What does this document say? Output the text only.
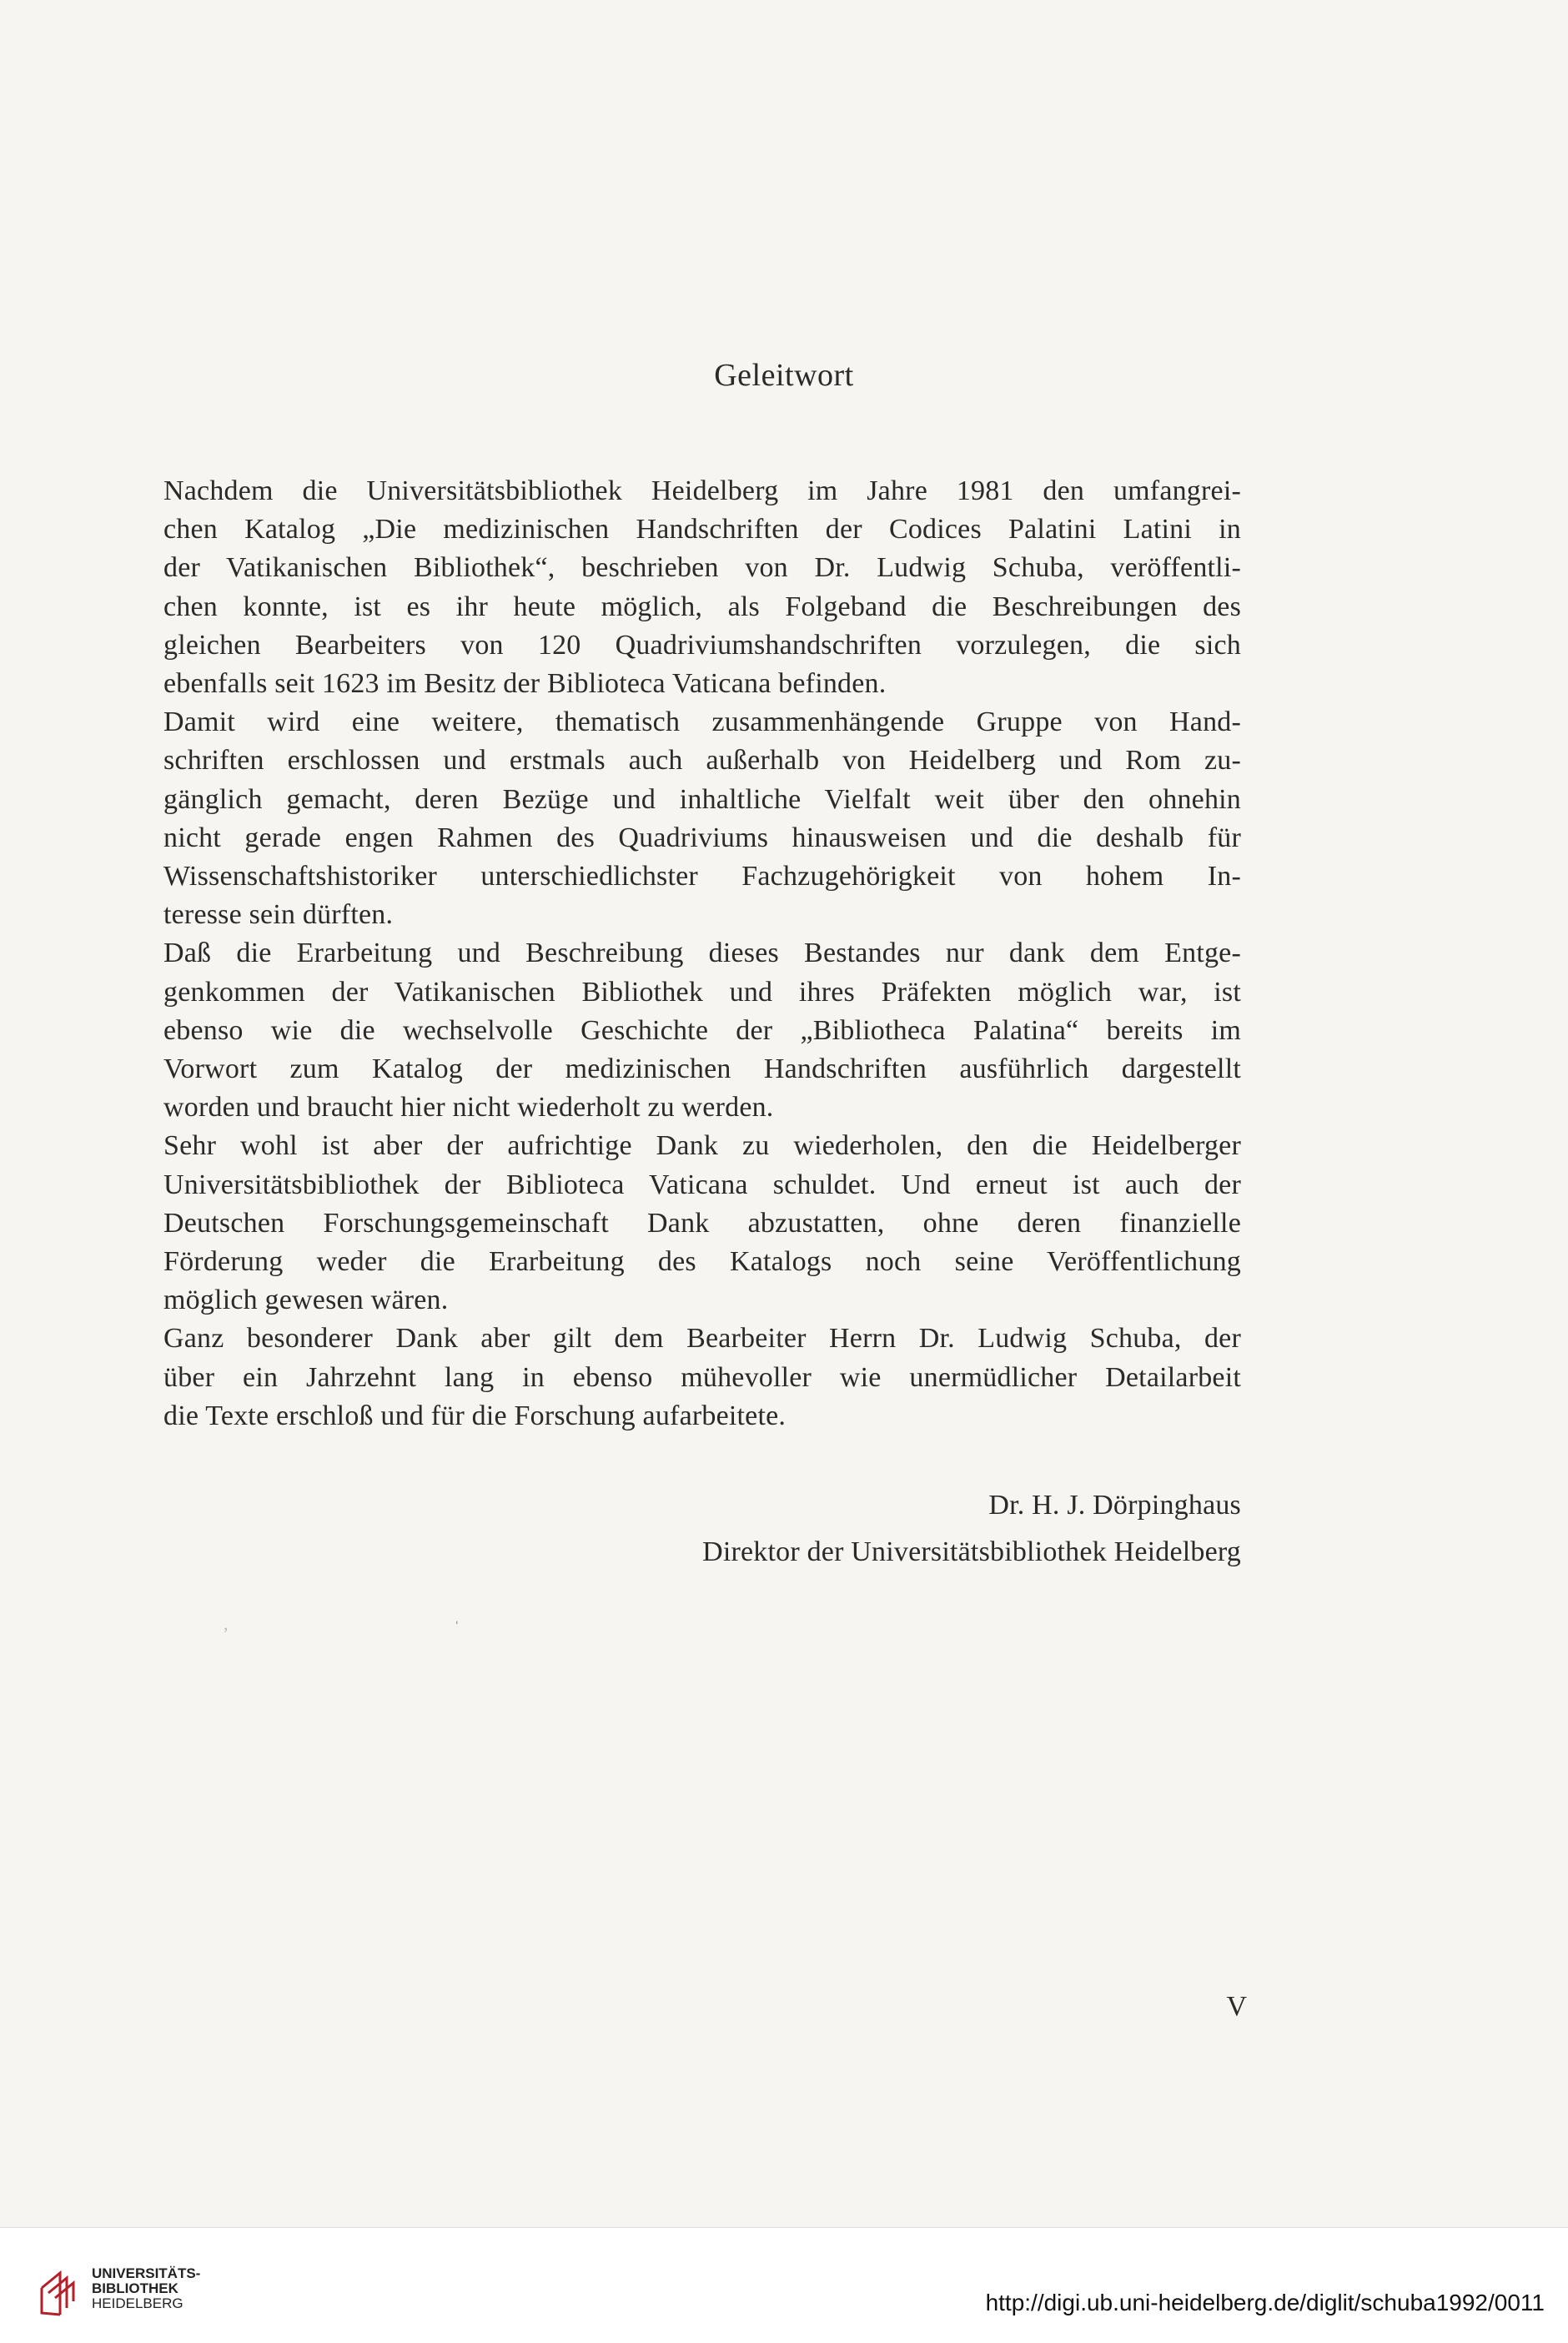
Geleitwort

Nachdem die Universitätsbibliothek Heidelberg im Jahre 1981 den umfangrei-
chen Katalog „Die medizinischen Handschriften der Codices Palatini Latini in
der Vatikanischen Bibliothek“, beschrieben von Dr. Ludwig Schuba, veröffentli-
chen konnte, ist es ihr heute möglich, als Folgeband die Beschreibungen des
gleichen Bearbeiters von 120 Quadriviumshandschriften vorzulegen, die sich
ebenfalls seit 1623 im Besitz der Biblioteca Vaticana befinden.

Damit wird eine weitere, thematisch zusammenhängende Gruppe von Hand-
schriften erschlossen und erstmals auch außerhalb von Heidelberg und Rom zu-
gänglich gemacht, deren Bezüge und inhaltliche Vielfalt weit über den ohnehin
nicht gerade engen Rahmen des Quadriviums hinausweisen und die deshalb für
Wissenschaftshistoriker unterschiedlichster Fachzugehörigkeit von hohem In-
teresse sein dürften.

Daß die Erarbeitung und Beschreibung dieses Bestandes nur dank dem Entge-
genkommen der Vatikanischen Bibliothek und ihres Präfekten möglich war, ist
ebenso wie die wechselvolle Geschichte der „Bibliotheca Palatina“ bereits im
Vorwort zum Katalog der medizinischen Handschriften ausführlich dargestellt
worden und braucht hier nicht wiederholt zu werden.

Sehr wohl ist aber der aufrichtige Dank zu wiederholen, den die Heidelberger
Universitätsbibliothek der Biblioteca Vaticana schuldet. Und erneut ist auch der
Deutschen Forschungsgemeinschaft Dank abzustatten, ohne deren finanzielle
Förderung weder die Erarbeitung des Katalogs noch seine Veröffentlichung
möglich gewesen wären.

Ganz besonderer Dank aber gilt dem Bearbeiter Herrn Dr. Ludwig Schuba, der
über ein Jahrzehnt lang in ebenso mühevoller wie unermüdlicher Detailarbeit
die Texte erschloß und für die Forschung aufarbeitete.

Dr. H. J. Dörpinghaus
Direktor der Universitätsbibliothek Heidelberg
ˌ
,

V

UNIVERSITÄTS-
BIBLIOTHEK
HEIDELBERG	http://digi.ub.uni-heidelberg.de/diglit/schuba1992/0011
